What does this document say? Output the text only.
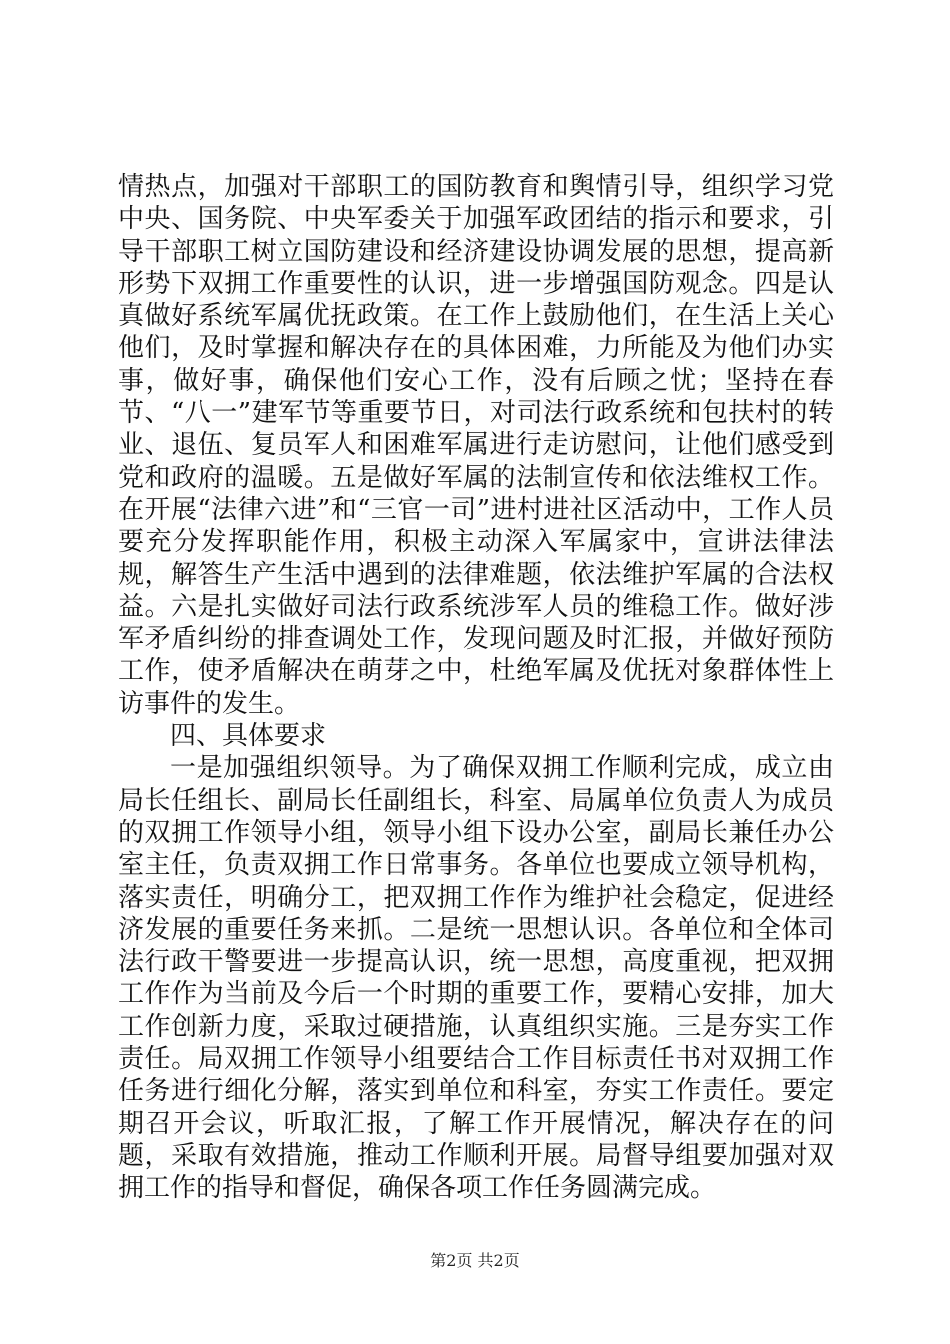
情热点，加强对干部职工的国防教育和舆情引导，组织学习党中央、国务院、中央军委关于加强军政团结的指示和要求，引导干部职工树立国防建设和经济建设协调发展的思想，提高新形势下双拥工作重要性的认识，进一步增强国防观念。四是认真做好系统军属优抚政策。在工作上鼓励他们，在生活上关心他们，及时掌握和解决存在的具体困难，力所能及为他们办实事，做好事，确保他们安心工作，没有后顾之忧；坚持在春节、“八一”建军节等重要节日，对司法行政系统和包扶村的转业、退伍、复员军人和困难军属进行走访慰问，让他们感受到党和政府的温暖。五是做好军属的法制宣传和依法维权工作。在开展“法律六进”和“三官一司”进村进社区活动中，工作人员要充分发挥职能作用，积极主动深入军属家中，宣讲法律法规，解答生产生活中遇到的法律难题，依法维护军属的合法权益。六是扎实做好司法行政系统涉军人员的维稳工作。做好涉军矛盾纠纷的排查调处工作，发现问题及时汇报，并做好预防工作，使矛盾解决在萌芽之中，杜绝军属及优抚对象群体性上访事件的发生。

四、具体要求

一是加强组织领导。为了确保双拥工作顺利完成，成立由局长任组长、副局长任副组长，科室、局属单位负责人为成员的双拥工作领导小组，领导小组下设办公室，副局长兼任办公室主任，负责双拥工作日常事务。各单位也要成立领导机构，落实责任，明确分工，把双拥工作作为维护社会稳定，促进经济发展的重要任务来抓。二是统一思想认识。各单位和全体司法行政干警要进一步提高认识，统一思想，高度重视，把双拥工作作为当前及今后一个时期的重要工作，要精心安排，加大工作创新力度，采取过硬措施，认真组织实施。三是夯实工作责任。局双拥工作领导小组要结合工作目标责任书对双拥工作任务进行细化分解，落实到单位和科室，夯实工作责任。要定期召开会议，听取汇报，了解工作开展情况，解决存在的问题，采取有效措施，推动工作顺利开展。局督导组要加强对双拥工作的指导和督促，确保各项工作任务圆满完成。

第2页 共2页
